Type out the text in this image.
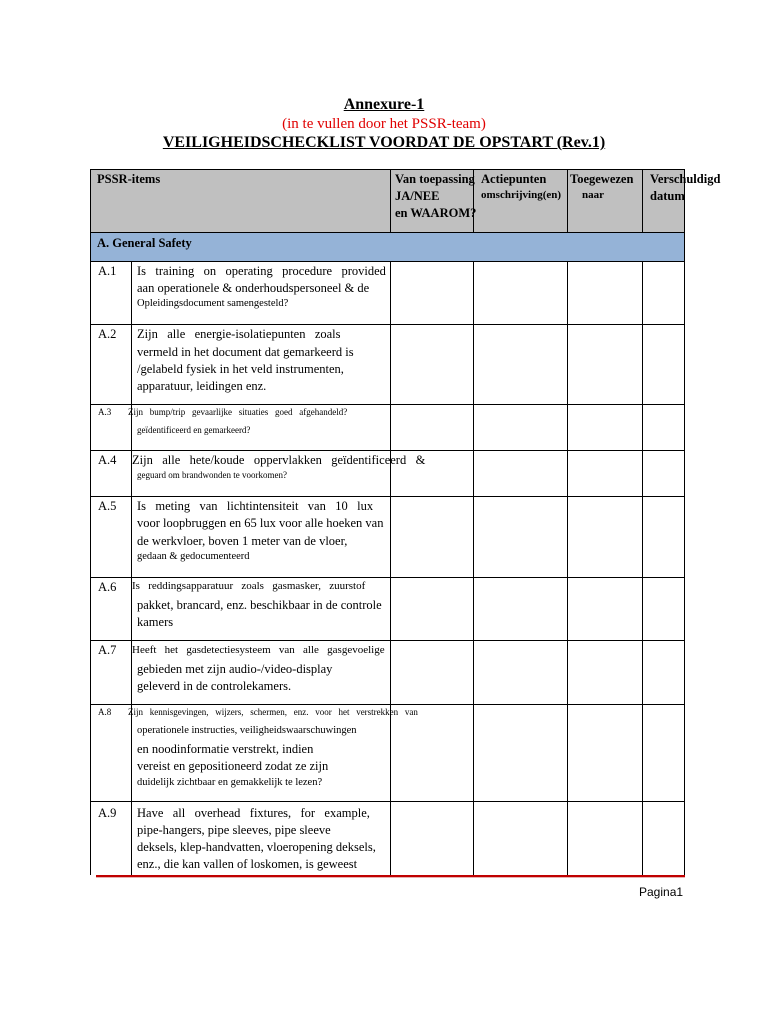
Annexure-1
(in te vullen door het PSSR-team)
VEILIGHEIDSCHECKLIST VOORDAT DE OPSTART (Rev.1)
PSSR-items	Van toepassing
JA/NEE
en WAAROM?
Actiepunten
omschrijving(en)
Toegewezen
naar
Verschuldigd
datum
A. General Safety
A.1 Is   training   on   operating   procedure   provided
aan operationele & onderhoudspersoneel & de
Opleidingsdocument samengesteld?
A.2 Zijn   alle   energie-isolatiepunten   zoals
vermeld in het document dat gemarkeerd is
/gelabeld fysiek in het veld instrumenten,
apparatuur, leidingen enz.
A.3 Zijn   bump/trip   gevaarlijke   situaties   goed   afgehandeld?
geïdentificeerd en gemarkeerd?
A.4 Zijn   alle   hete/koude   oppervlakken   geïdentificeerd   &
geguard om brandwonden te voorkomen?
A.5 Is   meting   van   lichtintensiteit   van   10   lux
voor loopbruggen en 65 lux voor alle hoeken van
de werkvloer, boven 1 meter van de vloer,
gedaan & gedocumenteerd
A.6 Is   reddingsapparatuur   zoals   gasmasker,   zuurstof
pakket, brancard, enz. beschikbaar in de controle
kamers
A.7 Heeft   het   gasdetectiesysteem   van   alle   gasgevoelige
gebieden met zijn audio-/video-display
geleverd in de controlekamers.
A.8 Zijn   kennisgevingen,   wijzers,   schermen,   enz.   voor   het   verstrekken   van
operationele instructies, veiligheidswaarschuwingen
en noodinformatie verstrekt, indien
vereist en gepositioneerd zodat ze zijn
duidelijk zichtbaar en gemakkelijk te lezen?
A.9 Have   all   overhead   fixtures,   for   example,
pipe-hangers, pipe sleeves, pipe sleeve
deksels, klep-handvatten, vloeropening deksels,
enz., die kan vallen of loskomen, is geweest
Pagina1
